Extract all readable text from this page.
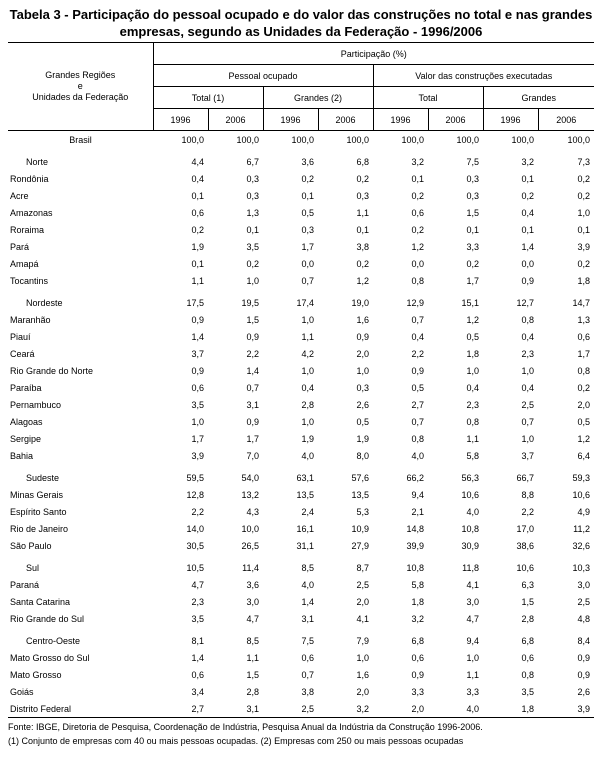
Tabela 3 - Participação do pessoal ocupado e do valor das construções no total e nas grandes
empresas, segundo as Unidades da Federação - 1996/2006
Grandes Regiões
e
Unidades da Federação	Participação (%)							
	Pessoal ocupado				Valor das construções executadas			
	Total (1)		Grandes (2)		Total		Grandes	
	1996	2006	1996	2006	1996	2006	1996	2006
Brasil	100,0	100,0	100,0	100,0	100,0	100,0	100,0	100,0

Norte	4,4	6,7	3,6	6,8	3,2	7,5	3,2	7,3
Rondônia	0,4	0,3	0,2	0,2	0,1	0,3	0,1	0,2
Acre	0,1	0,3	0,1	0,3	0,2	0,3	0,2	0,2
Amazonas	0,6	1,3	0,5	1,1	0,6	1,5	0,4	1,0
Roraima	0,2	0,1	0,3	0,1	0,2	0,1	0,1	0,1
Pará	1,9	3,5	1,7	3,8	1,2	3,3	1,4	3,9
Amapá	0,1	0,2	0,0	0,2	0,0	0,2	0,0	0,2
Tocantins	1,1	1,0	0,7	1,2	0,8	1,7	0,9	1,8

Nordeste	17,5	19,5	17,4	19,0	12,9	15,1	12,7	14,7
Maranhão	0,9	1,5	1,0	1,6	0,7	1,2	0,8	1,3
Piauí	1,4	0,9	1,1	0,9	0,4	0,5	0,4	0,6
Ceará	3,7	2,2	4,2	2,0	2,2	1,8	2,3	1,7
Rio Grande do Norte	0,9	1,4	1,0	1,0	0,9	1,0	1,0	0,8
Paraíba	0,6	0,7	0,4	0,3	0,5	0,4	0,4	0,2
Pernambuco	3,5	3,1	2,8	2,6	2,7	2,3	2,5	2,0
Alagoas	1,0	0,9	1,0	0,5	0,7	0,8	0,7	0,5
Sergipe	1,7	1,7	1,9	1,9	0,8	1,1	1,0	1,2
Bahia	3,9	7,0	4,0	8,0	4,0	5,8	3,7	6,4

Sudeste	59,5	54,0	63,1	57,6	66,2	56,3	66,7	59,3
Minas Gerais	12,8	13,2	13,5	13,5	9,4	10,6	8,8	10,6
Espírito Santo	2,2	4,3	2,4	5,3	2,1	4,0	2,2	4,9
Rio de Janeiro	14,0	10,0	16,1	10,9	14,8	10,8	17,0	11,2
São Paulo	30,5	26,5	31,1	27,9	39,9	30,9	38,6	32,6

Sul	10,5	11,4	8,5	8,7	10,8	11,8	10,6	10,3
Paraná	4,7	3,6	4,0	2,5	5,8	4,1	6,3	3,0
Santa Catarina	2,3	3,0	1,4	2,0	1,8	3,0	1,5	2,5
Rio Grande do Sul	3,5	4,7	3,1	4,1	3,2	4,7	2,8	4,8

Centro-Oeste	8,1	8,5	7,5	7,9	6,8	9,4	6,8	8,4
Mato Grosso do Sul	1,4	1,1	0,6	1,0	0,6	1,0	0,6	0,9
Mato Grosso	0,6	1,5	0,7	1,6	0,9	1,1	0,8	0,9
Goiás	3,4	2,8	3,8	2,0	3,3	3,3	3,5	2,6
Distrito Federal	2,7	3,1	2,5	3,2	2,0	4,0	1,8	3,9
Fonte: IBGE, Diretoria de Pesquisa, Coordenação de Indústria, Pesquisa Anual da Indústria da Construção 1996-2006.
(1) Conjunto de empresas com 40 ou mais pessoas ocupadas. (2) Empresas com 250 ou mais pessoas ocupadas
